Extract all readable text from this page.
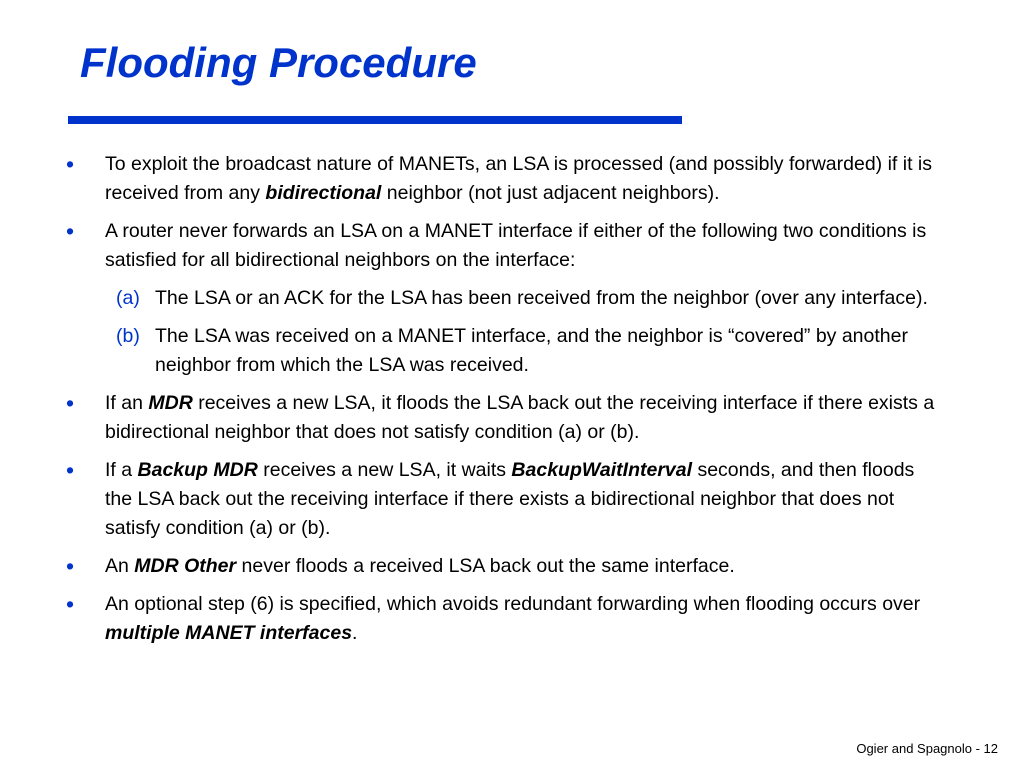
Flooding Procedure
•	To exploit the broadcast nature of MANETs, an LSA is processed (and possibly forwarded) if it is received from any bidirectional neighbor (not just adjacent neighbors).
•	A router never forwards an LSA on a MANET interface if either of the following two conditions is satisfied for all bidirectional neighbors on the interface:
(a) The LSA or an ACK for the LSA has been received from the neighbor (over any interface).
(b) The LSA was received on a MANET interface, and the neighbor is “covered” by another neighbor from which the LSA was received.
•	If an MDR receives a new LSA, it floods the LSA back out the receiving interface if there exists a bidirectional neighbor that does not satisfy condition (a) or (b).
•	If a Backup MDR receives a new LSA, it waits BackupWaitInterval seconds, and then floods the LSA back out the receiving interface if there exists a bidirectional neighbor that does not satisfy condition (a) or (b).
•	An MDR Other never floods a received LSA back out the same interface.
•	An optional step (6) is specified, which avoids redundant forwarding when flooding occurs over multiple MANET interfaces.
Ogier and Spagnolo - 12
